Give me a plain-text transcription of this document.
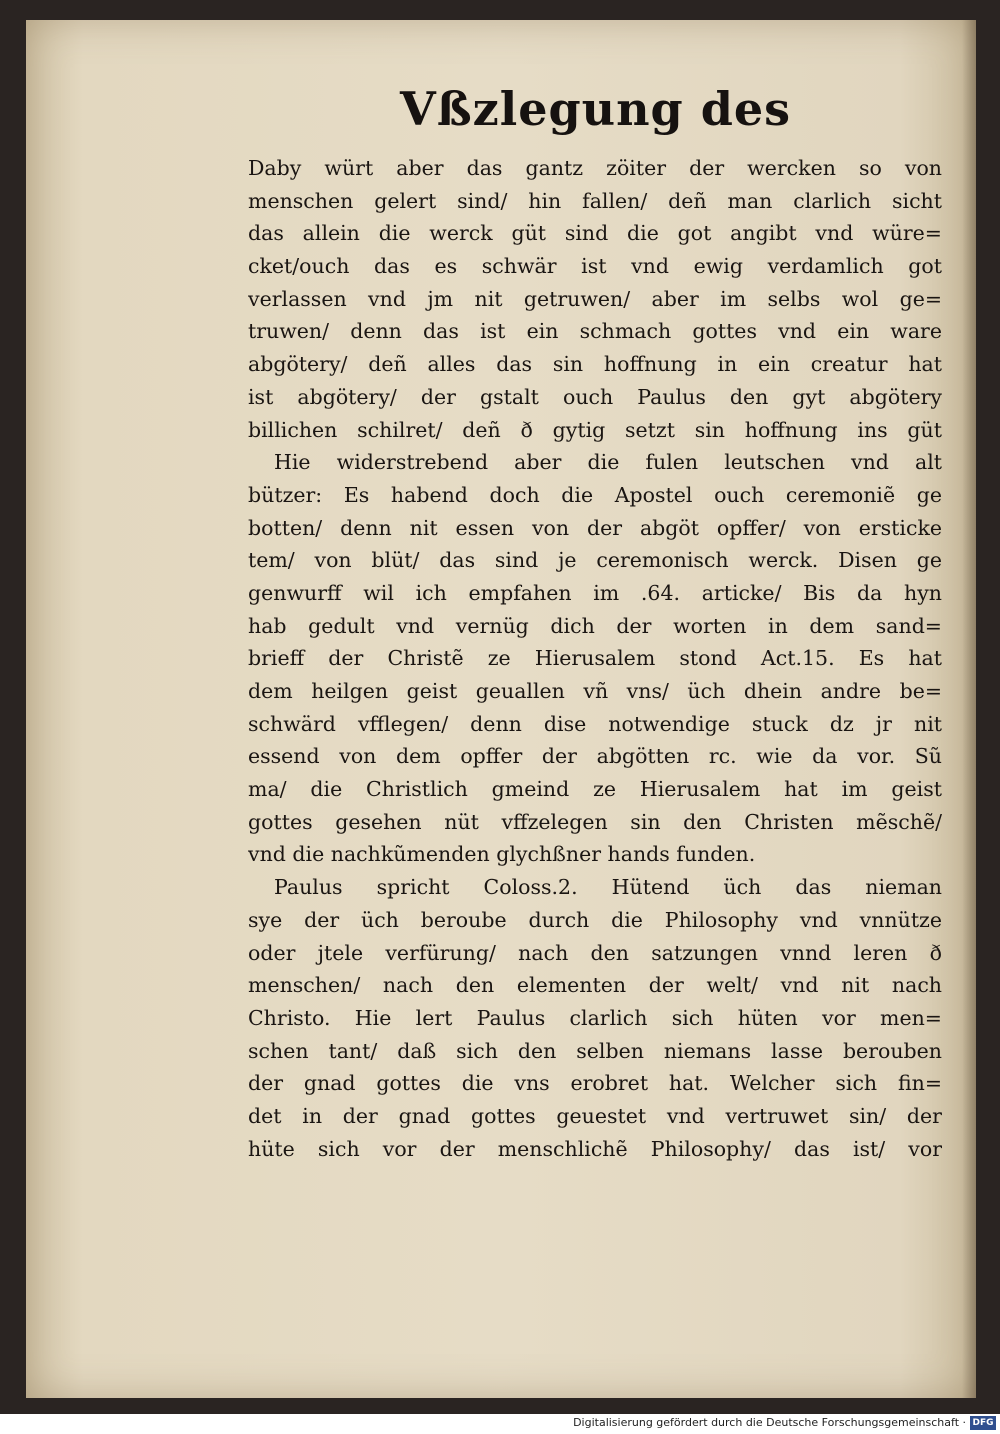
Vßzlegung des
Daby würt aber das gantz zöiter der wercken so von
menschen gelert sind/ hin fallen/ deñ man clarlich sicht
das allein die werck güt sind die got angibt vnd würe=
cket/ouch das es schwär ist vnd ewig verdamlich got
verlassen vnd jm nit getruwen/ aber im selbs wol ge=
truwen/ denn das ist ein schmach gottes vnd ein ware
abgötery/ deñ alles das sin hoffnung in ein creatur hat
ist abgötery/ der gstalt ouch Paulus den gyt abgötery
billichen schilret/ deñ ð gytig setzt sin hoffnung ins güt
Hie widerstrebend aber die fulen leutschen vnd alt
bützer: Es habend doch die Apostel ouch ceremoniẽ ge
botten/ denn nit essen von der abgöt opffer/ von ersticke
tem/ von blüt/ das sind je ceremonisch werck. Disen ge
genwurff wil ich empfahen im .64. articke/ Bis da hyn
hab gedult vnd vernüg dich der worten in dem sand=
brieff der Christẽ ze Hierusalem stond Act.15. Es hat
dem heilgen geist geuallen vñ vns/ üch dhein andre be=
schwärd vfflegen/ denn dise notwendige stuck dz jr nit
essend von dem opffer der abgötten rc. wie da vor. Sũ
ma/ die Christlich gmeind ze Hierusalem hat im geist
gottes gesehen nüt vffzelegen sin den Christen mẽschẽ/
vnd die nachkũmenden glychßner hands funden.
Paulus spricht Coloss.2. Hütend üch das nieman
sye der üch beroube durch die Philosophy vnd vnnütze
oder jtele verfürung/ nach den satzungen vnnd leren ð
menschen/ nach den elementen der welt/ vnd nit nach
Christo. Hie lert Paulus clarlich sich hüten vor men=
schen tant/ daß sich den selben niemans lasse berouben
der gnad gottes die vns erobret hat. Welcher sich fin=
det in der gnad gottes geuestet vnd vertruwet sin/ der
hüte sich vor der menschlichẽ Philosophy/ das ist/ vor
Digitalisierung gefördert durch die Deutsche Forschungsgemeinschaft · DFG
